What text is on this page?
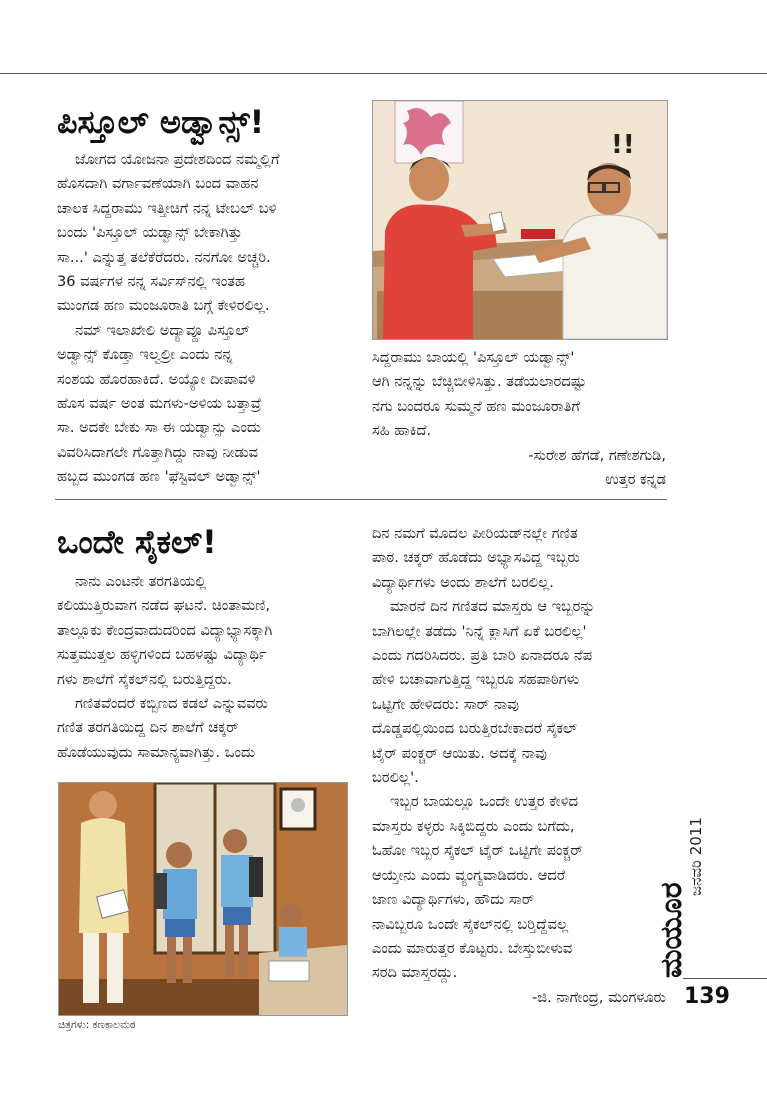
ಪಿಸ್ತೂಲ್ ಅಡ್ವಾನ್ಸ್!

ಜೋಗದ ಯೋಜನಾ ಪ್ರದೇಶದಿಂದ ನಮ್ಮಲ್ಲಿಗೆ

ಹೊಸದಾಗಿ ವರ್ಗಾವಣೆಯಾಗಿ ಬಂದ ವಾಹನ

ಚಾಲಕ ಸಿದ್ದರಾಮು ಇತ್ತೀಚಿಗೆ ನನ್ನ ಟೇಬಲ್ ಬಳಿ

ಬಂದು 'ಪಿಸ್ತೂಲ್ ಯಡ್ವಾನ್ಸ್ ಬೇಕಾಗಿತ್ತು

ಸಾ...' ಎನ್ನುತ್ತ ತಲೆಕೆರೆದರು. ನನಗೋ ಅಚ್ಚರಿ.

36 ವರ್ಷಗಳ ನನ್ನ ಸರ್ವಿಸ್‌ನಲ್ಲಿ ಇಂತಹ

ಮುಂಗಡ ಹಣ ಮಂಜೂರಾತಿ ಬಗ್ಗೆ ಕೇಳಿರಲಿಲ್ಲ.

ನಮ್ ಇಲಾಖೇಲಿ ಅದ್ಯಾವ್ದೂ ಪಿಸ್ತೂಲ್

ಅಡ್ವಾನ್ಸ್ ಕೊಡ್ತಾ ಇಲ್ವಲ್ರೀ ಎಂದು ನನ್ನ

ಸಂಶಯ ಹೊರಹಾಕಿದೆ. ಅಯ್ಯೋ ದೀಪಾವಳಿ

ಹೊಸ ವರ್ಷ ಅಂತ ಮಗಳು-ಅಳಿಯ ಬತ್ತಾವ್ರೆ

ಸಾ. ಅದಕೇ ಬೇಕು ಸಾ ಈ ಯಡ್ವಾನ್ಸು ಎಂದು

ವಿವರಿಸಿದಾಗಲೇ ಗೊತ್ತಾಗಿದ್ದು ನಾವು ನೀಡುವ

ಹಬ್ಬದ ಮುಂಗಡ ಹಣ 'ಫೆಸ್ಟಿವಲ್ ಅಡ್ವಾನ್ಸ್'

!!

ಸಿದ್ದರಾಮು ಬಾಯಲ್ಲಿ 'ಪಿಸ್ತೂಲ್ ಯಡ್ವಾನ್ಸ್'

ಆಗಿ ನನ್ನನ್ನು ಬೆಚ್ಚಿಬೀಳಿಸಿತ್ತು. ತಡೆಯಲಾರದಷ್ಟು

ನಗು ಬಂದರೂ ಸುಮ್ಮನೆ ಹಣ ಮಂಜೂರಾತಿಗೆ

ಸಹಿ ಹಾಕಿದೆ.

-ಸುರೇಶ ಹೆಗಡೆ, ಗಣೇಶಗುಡಿ,

ಉತ್ತರ ಕನ್ನಡ

ಒಂದೇ ಸೈಕಲ್!

ನಾನು ಎಂಟನೇ ತರಗತಿಯಲ್ಲಿ

ಕಲಿಯುತ್ತಿರುವಾಗ ನಡೆದ ಘಟನೆ. ಚಿಂತಾಮಣಿ,

ತಾಲ್ಲೂಕು ಕೇಂದ್ರವಾದುದರಿಂದ ವಿದ್ಯಾಭ್ಯಾಸಕ್ಕಾಗಿ

ಸುತ್ತಮುತ್ತಲ ಹಳ್ಳಿಗಳಿಂದ ಬಹಳಷ್ಟು ವಿದ್ಯಾರ್ಥಿ

ಗಳು ಶಾಲೆಗೆ ಸೈಕಲ್‌ನಲ್ಲಿ ಬರುತ್ತಿದ್ದರು.

ಗಣಿತವೆಂದರೆ ಕಬ್ಬಿಣದ ಕಡಲೆ ಎನ್ನುವವರು

ಗಣಿತ ತರಗತಿಯಿದ್ದ ದಿನ ಶಾಲೆಗೆ ಚಕ್ಕರ್

ಹೊಡೆಯುವುದು ಸಾಮಾನ್ಯವಾಗಿತ್ತು. ಒಂದು

ಚಿತ್ರಗಳು: ಕಣಕಾಲಮಠ

ದಿನ ನಮಗೆ ಮೊದಲ ಪೀರಿಯಡ್‌ನಲ್ಲೇ ಗಣಿತ

ಪಾಠ. ಚಕ್ಕರ್ ಹೊಡೆದು ಅಭ್ಯಾಸವಿದ್ದ ಇಬ್ಬರು

ವಿದ್ಯಾರ್ಥಿಗಳು ಅಂದು ಶಾಲೆಗೆ ಬರಲಿಲ್ಲ.

ಮಾರನೆ ದಿನ ಗಣಿತದ ಮಾಸ್ತರು ಆ ಇಬ್ಬರನ್ನು

ಬಾಗಿಲಲ್ಲೇ ತಡೆದು 'ನಿನ್ನೆ ಕ್ಲಾಸಿಗೆ ಏಕೆ ಬರಲಿಲ್ಲ'

ಎಂದು ಗದರಿಸಿದರು. ಪ್ರತಿ ಬಾರಿ ಏನಾದರೂ ನೆಪ

ಹೇಳಿ ಬಚಾವಾಗುತ್ತಿದ್ದ ಇಬ್ಬರೂ ಸಹಪಾಠಿಗಳು

ಒಟ್ಟಿಗೇ ಹೇಳಿದರು: ಸಾರ್ ನಾವು

ದೊಡ್ಡಪಲ್ಲಿಯಿಂದ ಬರುತ್ತಿರಬೇಕಾದರೆ ಸೈಕಲ್

ಟೈರ್ ಪಂಕ್ಚರ್ ಆಯಿತು. ಅದಕ್ಕೆ ನಾವು

ಬರಲಿಲ್ಲ'.

ಇಬ್ಬರ ಬಾಯಲ್ಲೂ ಒಂದೇ ಉತ್ತರ ಕೇಳಿದ

ಮಾಸ್ತರು ಕಳ್ಳರು ಸಿಕ್ಕಿಬಿದ್ದರು ಎಂದು ಬಗೆದು,

ಓಹೋ ಇಬ್ಬರ ಸೈಕಲ್ ಟೈರ್ ಒಟ್ಟಿಗೇ ಪಂಕ್ಚರ್

ಆಯ್ತೇನು ಎಂದು ವ್ಯಂಗ್ಯವಾಡಿದರು. ಆದರೆ

ಜಾಣ ವಿದ್ಯಾರ್ಥಿಗಳು, ಹೌದು ಸಾರ್

ನಾವಿಬ್ಬರೂ ಒಂದೇ ಸೈಕಲ್‌ನಲ್ಲಿ ಬರ್‍ತಿದ್ದೆವಲ್ಲ

ಎಂದು ಮಾರುತ್ತರ ಕೊಟ್ಟರು. ಬೇಸ್ತುಬೀಳುವ

ಸರದಿ ಮಾಸ್ತರದ್ದು.

-ಜಿ. ನಾಗೇಂದ್ರ, ಮಂಗಳೂರು

ಮಯೂರ
ಜನವರಿ 2011
139
